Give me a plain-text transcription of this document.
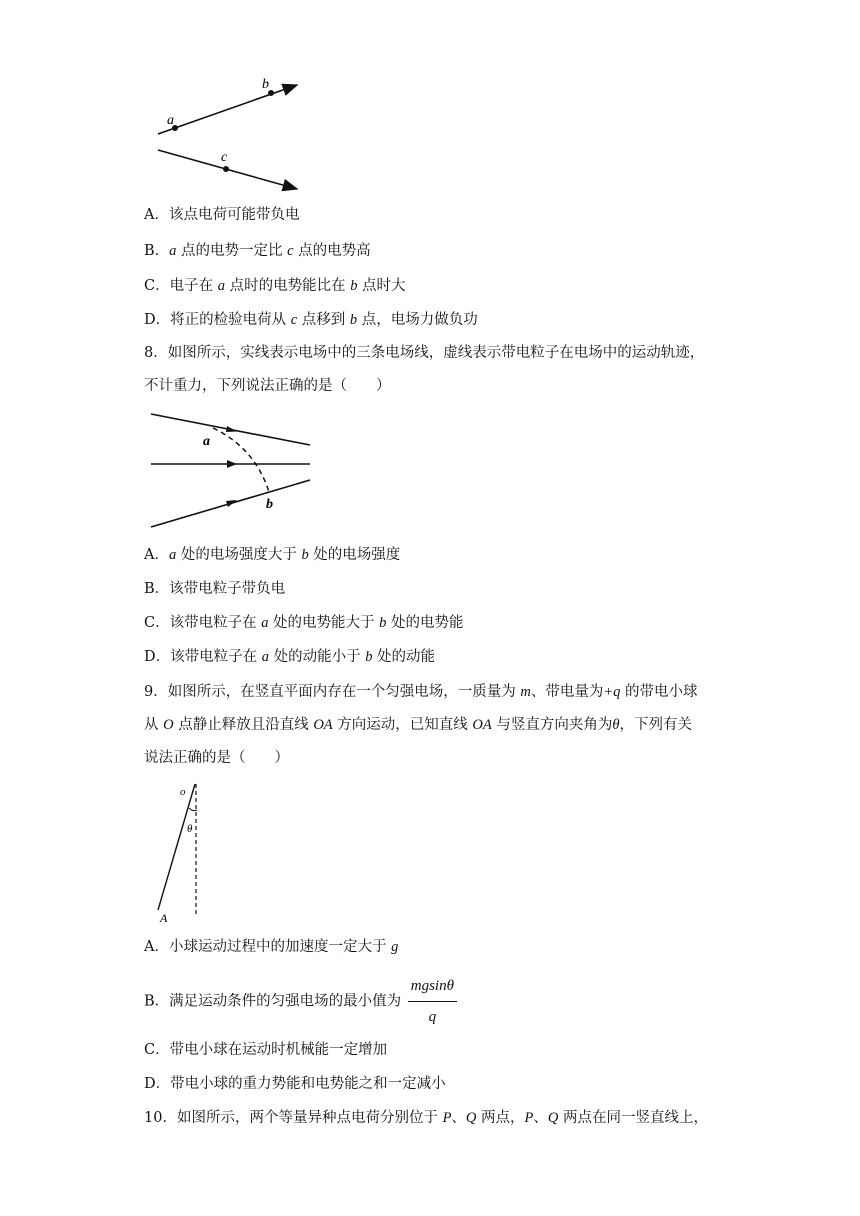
a
b
c
A．该点电荷可能带负电
B．a 点的电势一定比 c 点的电势高
C．电子在 a 点时的电势能比在 b 点时大
D．将正的检验电荷从 c 点移到 b 点，电场力做负功
8．如图所示，实线表示电场中的三条电场线，虚线表示带电粒子在电场中的运动轨迹，
不计重力，下列说法正确的是（　　）
a
b
A．a 处的电场强度大于 b 处的电场强度
B．该带电粒子带负电
C．该带电粒子在 a 处的电势能大于 b 处的电势能
D．该带电粒子在 a 处的动能小于 b 处的动能
9．如图所示，在竖直平面内存在一个匀强电场，一质量为 m、带电量为+q 的带电小球
从 O 点静止释放且沿直线 OA 方向运动，已知直线 OA 与竖直方向夹角为θ，下列有关
说法正确的是（　　）
o
θ
A
A．小球运动过程中的加速度一定大于 g
B．满足运动条件的匀强电场的最小值为 $\frac{mgsin\theta}{q}$
C．带电小球在运动时机械能一定增加
D．带电小球的重力势能和电势能之和一定减小
10．如图所示，两个等量异种点电荷分别位于 P、Q 两点，P、Q 两点在同一竖直线上，
